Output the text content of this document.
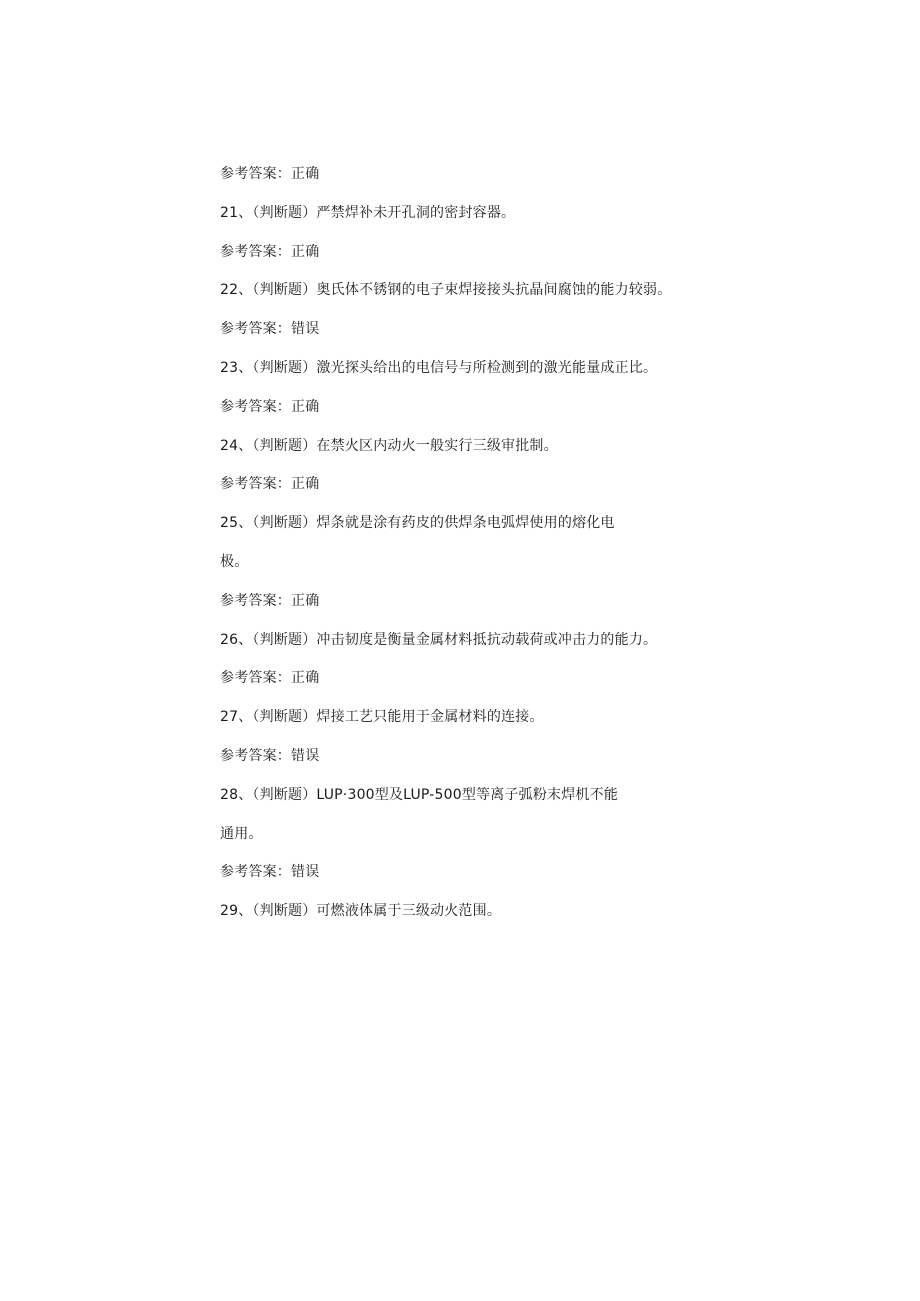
参考答案：正确
21、（判断题）严禁焊补未开孔洞的密封容器。
参考答案：正确
22、（判断题）奥氏体不锈钢的电子束焊接接头抗晶间腐蚀的能力较弱。
参考答案：错误
23、（判断题）激光探头给出的电信号与所检测到的激光能量成正比。
参考答案：正确
24、（判断题）在禁火区内动火一般实行三级审批制。
参考答案：正确
25、（判断题）焊条就是涂有药皮的供焊条电弧焊使用的熔化电
极。
参考答案：正确
26、（判断题）冲击韧度是衡量金属材料抵抗动载荷或冲击力的能力。
参考答案：正确
27、（判断题）焊接工艺只能用于金属材料的连接。
参考答案：错误
28、（判断题）LUP·300型及LUP-500型等离子弧粉末焊机不能
通用。
参考答案：错误
29、（判断题）可燃液体属于三级动火范围。
